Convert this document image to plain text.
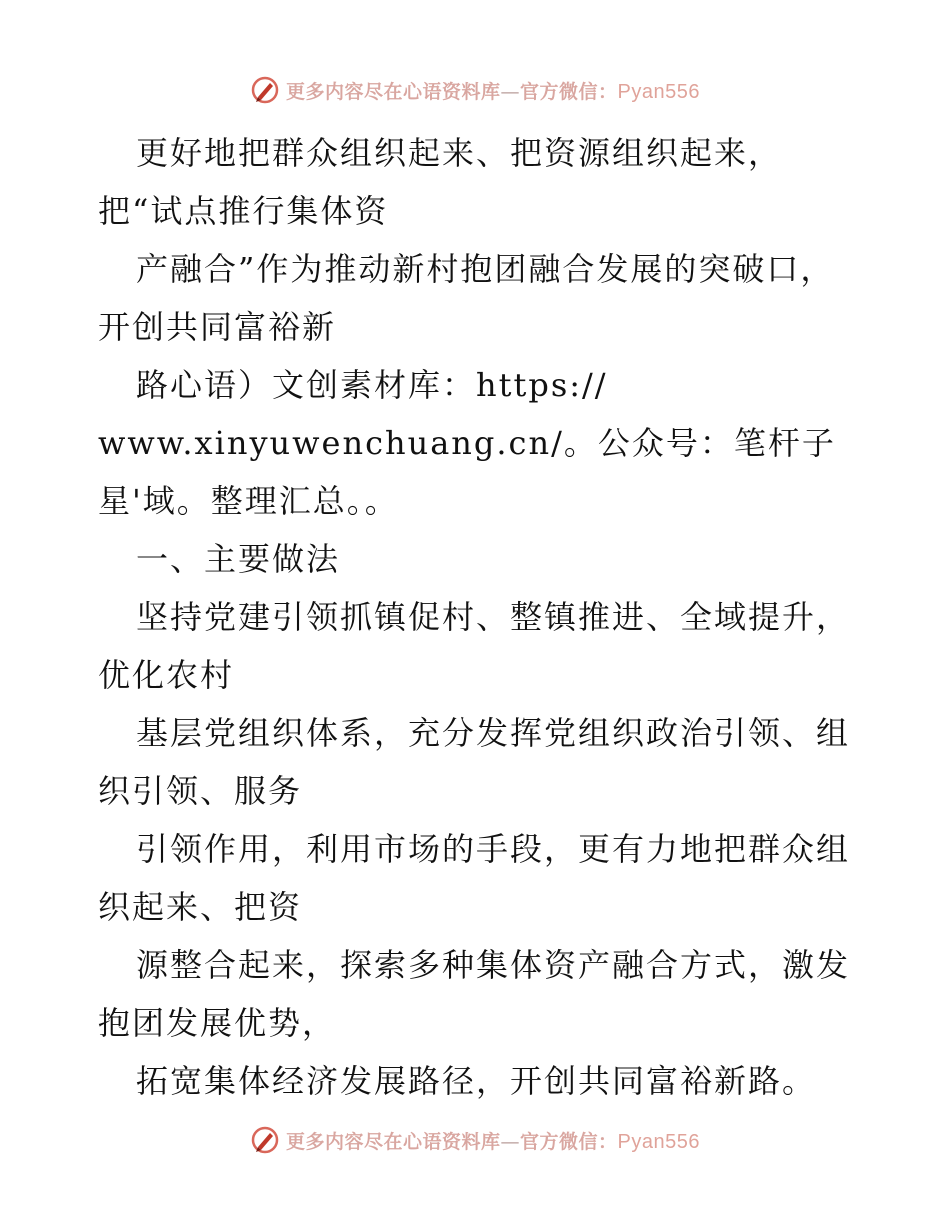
更多内容尽在心语资料库—官方微信：Pyan556
更好地把群众组织起来、把资源组织起来，
把“试点推行集体资
产融合”作为推动新村抱团融合发展的突破口，
开创共同富裕新
路心语）文创素材库：https://
www.xinyuwenchuang.cn/。公众号：笔杆子
星'域。整理汇总。。
一、主要做法
坚持党建引领抓镇促村、整镇推进、全域提升，
优化农村
基层党组织体系，充分发挥党组织政治引领、组
织引领、服务
引领作用，利用市场的手段，更有力地把群众组
织起来、把资
源整合起来，探索多种集体资产融合方式，激发
抱团发展优势，
拓宽集体经济发展路径，开创共同富裕新路。
更多内容尽在心语资料库—官方微信：Pyan556
